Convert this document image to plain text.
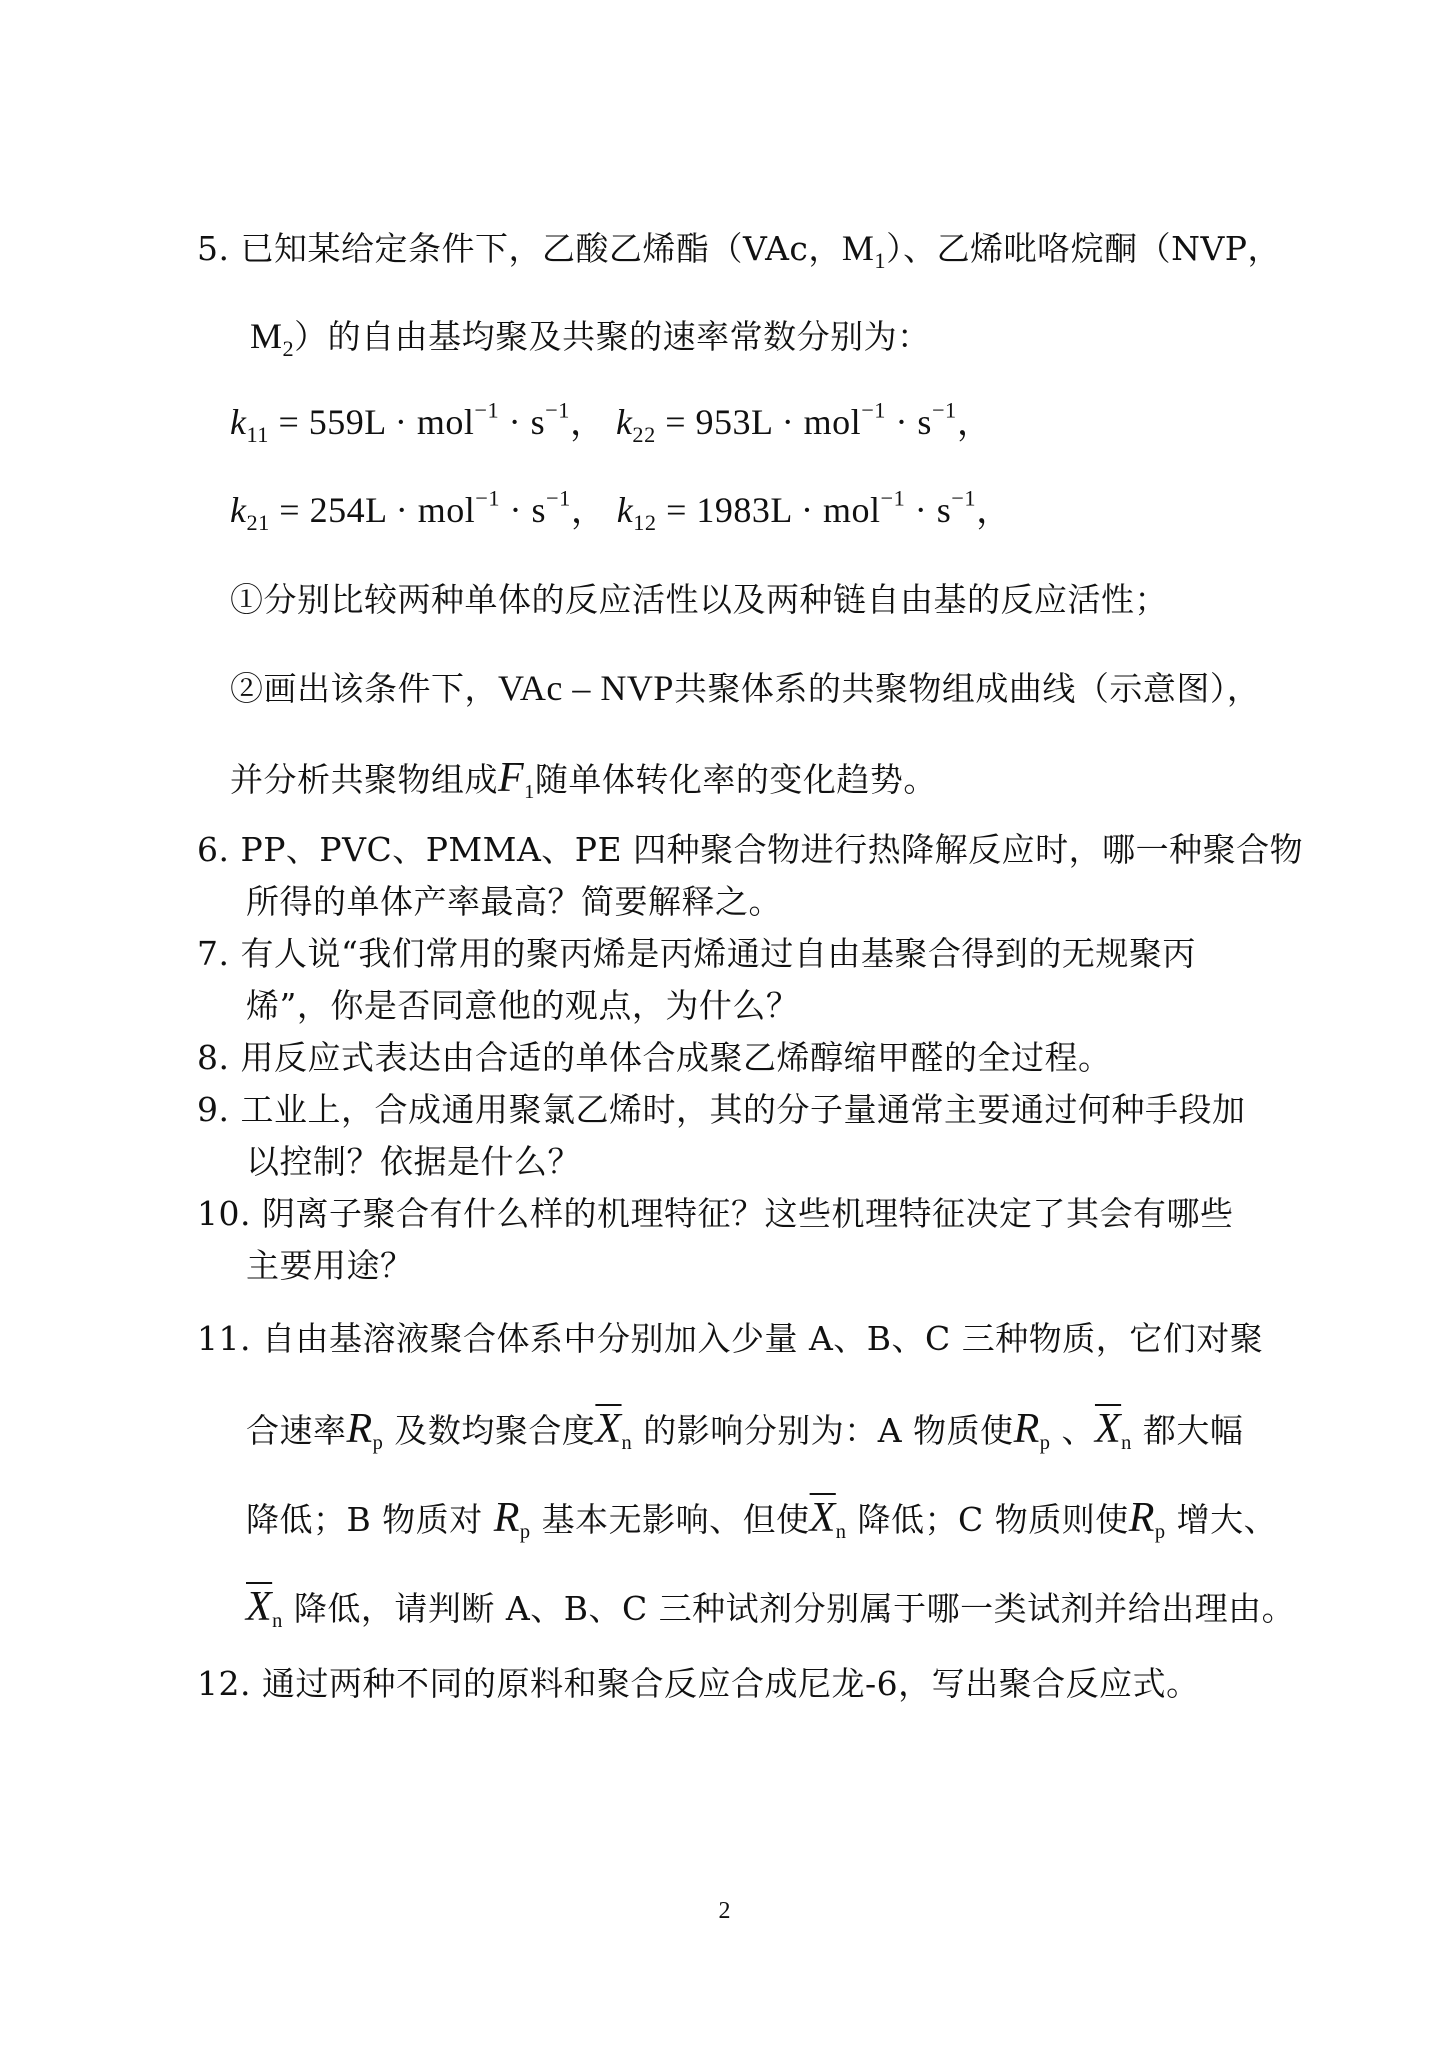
5. 已知某给定条件下，乙酸乙烯酯（VAc，$M_1$）、乙烯吡咯烷酮（NVP，
$M_2$）的自由基均聚及共聚的速率常数分别为：
$k_{11} = 559L \cdot mol^{-1} \cdot s^{-1}$， $k_{22} = 953L \cdot mol^{-1} \cdot s^{-1}$，
$k_{21} = 254L \cdot mol^{-1} \cdot s^{-1}$， $k_{12} = 1983L \cdot mol^{-1} \cdot s^{-1}$，
①分别比较两种单体的反应活性以及两种链自由基的反应活性；
②画出该条件下，VAc – NVP共聚体系的共聚物组成曲线（示意图），
并分析共聚物组成$F_1$随单体转化率的变化趋势。
6. PP、PVC、PMMA、PE 四种聚合物进行热降解反应时，哪一种聚合物
所得的单体产率最高？简要解释之。
7. 有人说“我们常用的聚丙烯是丙烯通过自由基聚合得到的无规聚丙
烯”，你是否同意他的观点，为什么？
8. 用反应式表达由合适的单体合成聚乙烯醇缩甲醛的全过程。
9. 工业上，合成通用聚氯乙烯时，其的分子量通常主要通过何种手段加
以控制？依据是什么？
10. 阴离子聚合有什么样的机理特征？这些机理特征决定了其会有哪些
主要用途？
11. 自由基溶液聚合体系中分别加入少量 A、B、C 三种物质，它们对聚
合速率$R_p$ 及数均聚合度$\overline{X}_n$ 的影响分别为：A 物质使$R_p$ 、$\overline{X}_n$ 都大幅
降低；B 物质对 $R_p$ 基本无影响、但使$\overline{X}_n$ 降低；C 物质则使$R_p$ 增大、
$\overline{X}_n$ 降低，请判断 A、B、C 三种试剂分别属于哪一类试剂并给出理由。
12. 通过两种不同的原料和聚合反应合成尼龙-6，写出聚合反应式。
2
